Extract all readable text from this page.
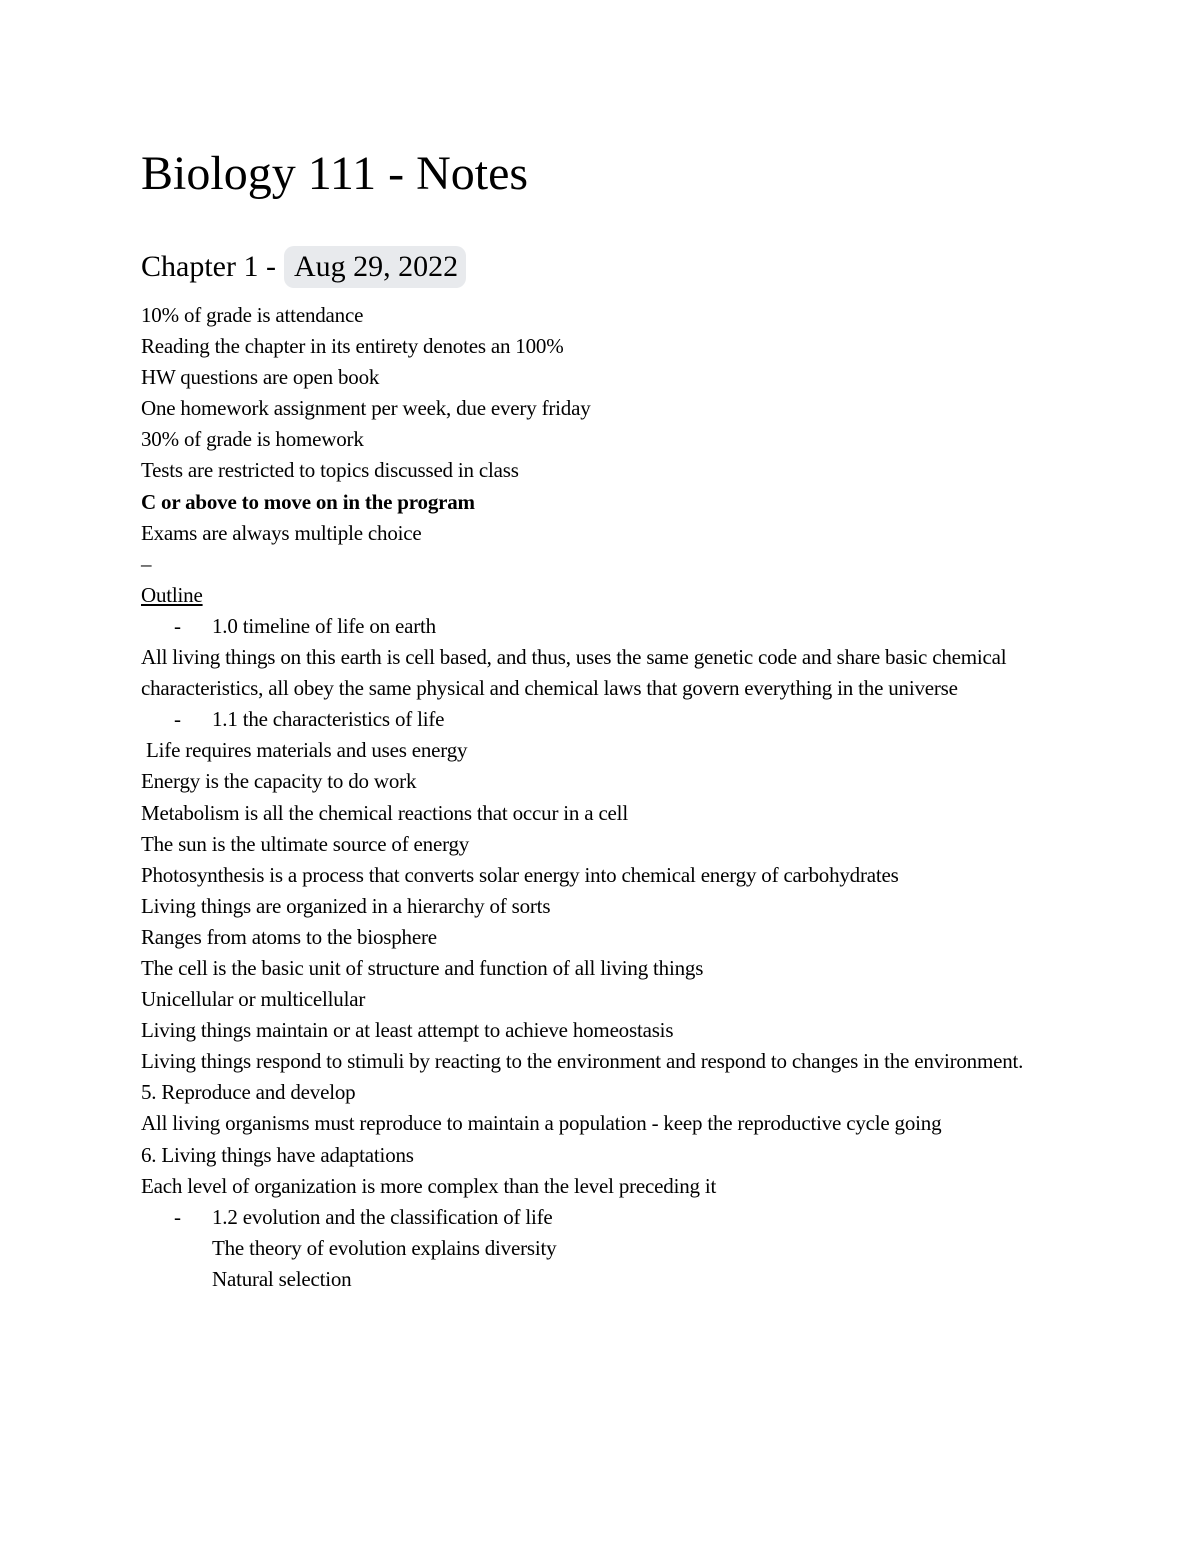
Biology 111 - Notes
Chapter 1 - Aug 29, 2022
10% of grade is attendance
Reading the chapter in its entirety denotes an 100%
HW questions are open book
One homework assignment per week, due every friday
30% of grade is homework
Tests are restricted to topics discussed in class
C or above to move on in the program
Exams are always multiple choice
–
Outline
-	1.0 timeline of life on earth
All living things on this earth is cell based, and thus, uses the same genetic code and share basic chemical characteristics, all obey the same physical and chemical laws that govern everything in the universe
-	1.1 the characteristics of life
Life requires materials and uses energy
Energy is the capacity to do work
Metabolism is all the chemical reactions that occur in a cell
The sun is the ultimate source of energy
Photosynthesis is a process that converts solar energy into chemical energy of carbohydrates
Living things are organized in a hierarchy of sorts
Ranges from atoms to the biosphere
The cell is the basic unit of structure and function of all living things
Unicellular or multicellular
Living things maintain or at least attempt to achieve homeostasis
Living things respond to stimuli by reacting to the environment and respond to changes in the environment.
5. Reproduce and develop
All living organisms must reproduce to maintain a population - keep the reproductive cycle going
6. Living things have adaptations
Each level of organization is more complex than the level preceding it
-	1.2 evolution and the classification of life
The theory of evolution explains diversity
Natural selection
